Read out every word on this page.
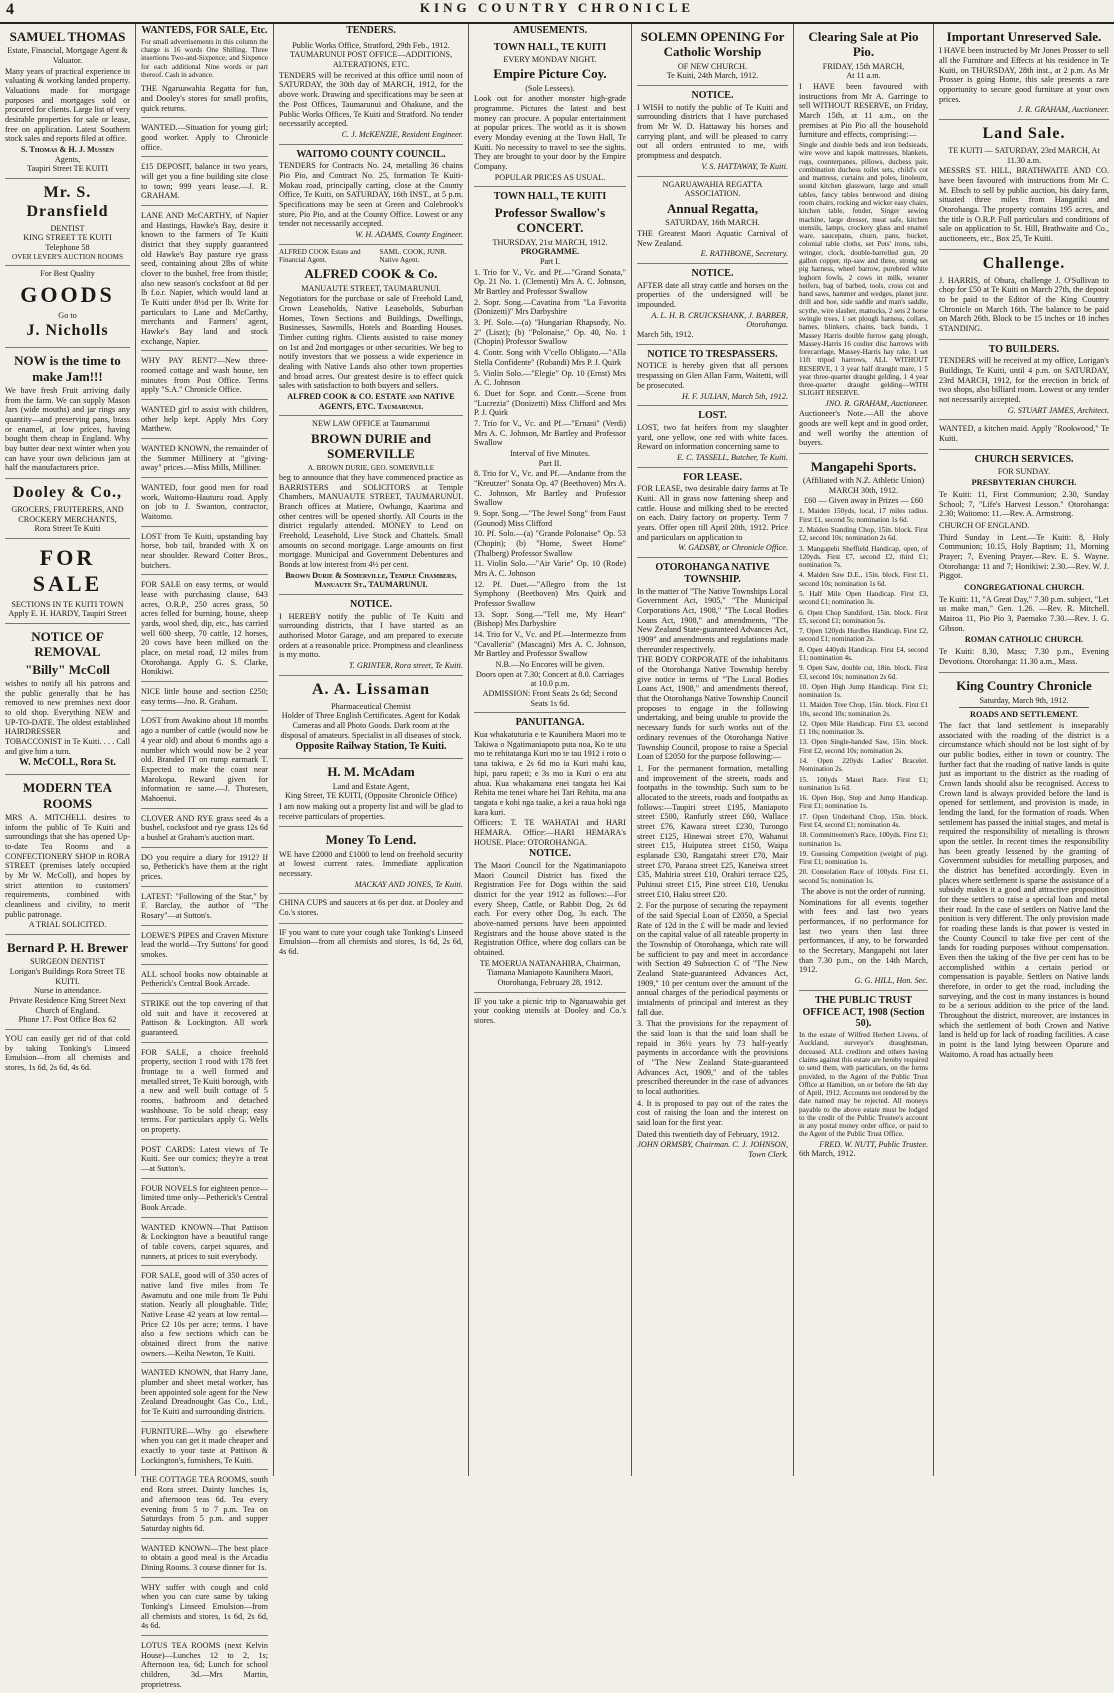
4	KING COUNTRY CHRONICLE
SAMUEL THOMAS
Estate, Financial, Mortgage Agent & Valuator.
Many years of practical experience in valuating & working landed property. Valuations made for mortgage purposes and mortgages sold or procured for clients. Large list of very desirable properties for sale or lease, free on application. Latest Southern stock sales and reports filed at office.
S. Thomas & H. J. Mussen
Agents,
Taupiri Street TE KUITI
Mr. S. Dransfield
DENTIST
KING STREET TE KUITI
Telephone 58
OVER LEVER'S AUCTION ROOMS
For Best Quality
GOODS
Go to
J. Nicholls
NOW is the time to make Jam!!!
We have fresh Fruit arriving daily from the farm. We can supply Mason Jars (wide mouths) and jar rings any quantity—and preserving pans, brass or enamel, at low prices, having bought them cheap in England. Why buy butter dear next winter when you can have your own delicious jam at half the manufacturers price.
Dooley & Co.,
GROCERS, FRUITERERS, AND CROCKERY MERCHANTS,
Rora Street Te Kuiti
FOR SALE
SECTIONS IN TE KUITI TOWN
Apply E. H. HARDY, Taupiri Street
NOTICE OF REMOVAL
"Billy" McColl
wishes to notify all his patrons and the public generally that he has removed to new premises next door to old shop. Everything NEW and UP-TO-DATE. The oldest established HAIRDRESSER and TOBACCONIST in Te Kuiti. . . . Call and give him a turn.
W. McCOLL, Rora St.
MODERN TEA ROOMS
MRS A. MITCHELL desires to inform the public of Te Kuiti and surroundings that she has opened Up-to-date Tea Rooms and a CONFECTIONERY SHOP in RORA STREET (premises lately occupied by Mr W. McColl), and hopes by strict attention to customers' requirements, combined with cleanliness and civility, to merit public patronage.
A TRIAL SOLICITED.
Bernard P. H. Brewer
SURGEON DENTIST
Lorigan's Buildings Rora Street TE KUITI.
Nurse in attendance.
Private Residence King Street Next Church of England.
Phone 17. Post Office Box 62
YOU can easily get rid of that cold by taking Tonking's Linseed Emulsion—from all chemists and stores, 1s 6d, 2s 6d, 4s 6d.
WANTEDS, FOR SALE, Etc.
For small advertisements in this column the charge is 16 words One Shilling. Three insertions Two-and-Sixpence; and Sixpence for each additional Nine words or part thereof. Cash in advance.
THE Ngaruawahia Regatta for fun, and Dooley's stores for small profits, quick returns.
WANTED.—Situation for young girl; good worker. Apply to Chronicle office.
£15 DEPOSIT, balance in two years, will get you a fine building site close to town; 999 years lease.—J. R. GRAHAM.
LANE AND McCARTHY, of Napier and Hastings, Hawke's Bay, desire it known to the farmers of Te Kuiti district that they supply guaranteed old Hawke's Bay pasture rye grass seed, containing about 2lbs of white clover to the bushel, free from thistle; also new season's cocksfoot at 8d per lb f.o.r. Napier, which would land at Te Kuiti under 8½d per lb. Write for particulars to Lane and McCarthy, merchants and Farmers' agent, Hawke's Bay land and stock exchange, Napier.
WHY PAY RENT?—New three-roomed cottage and wash house, ten minutes from Post Office. Terms apply "S.A." Chronicle Office.
WANTED girl to assist with children, other help kept. Apply Mrs Cory Matthew.
WANTED KNOWN, the remainder of the Summer Millinery at "giving-away" prices.—Miss Mills, Milliner.
WANTED, four good men for road work, Waitomo-Hauturu road. Apply on job to J. Swanton, contractor, Waitomo.
LOST from Te Kuiti, upstanding bay horse, bob tail, branded with X on near shoulder. Reward Cotter Bros., butchers.
FOR SALE on easy terms, or would lease with purchasing clause, 643 acres, O.R.P., 250 acres grass, 50 acres felled for burning, house, sheep yards, wool shed, dip, etc., has carried well 600 sheep, 70 cattle, 12 horses, 20 cows have been milked on the place, on metal road, 12 miles from Otorohanga. Apply G. S. Clarke, Honikiwi.
NICE little house and section £250; easy terms—Jno. R. Graham.
LOST from Awakino about 18 months ago a number of cattle (would now be 4 year old) and about 6 months ago a number which would now be 2 year old. Branded IT on rump earmark T. Expected to make the coast near Marokopa. Reward given for information re same.—J. Thoresen, Mahoenui.
CLOVER AND RYE grass seed 4s a bushel, cocksfoot and rye grass 12s 6d a bushel at Graham's auction mart.
DO you require a diary for 1912? If so, Petherick's have them at the right prices.
LATEST: "Following of the Star," by F. Barclay, the author of "The Rosary"—at Sutton's.
LOEWE'S PIPES and Craven Mixture lead the world—Try Suttons' for good smokes.
ALL school books now obtainable at Petherick's Central Book Arcade.
STRIKE out the top covering of that old suit and have it recovered at Pattison & Lockington. All work guaranteed.
FOR SALE, a choice freehold property, section 1 rood with 178 feet frontage to a well formed and metalled street, Te Kuiti borough, with a new and well built cottage of 5 rooms, bathroom and detached washhouse. To be sold cheap; easy terms. For particulars apply G. Wells on property.
POST CARDS: Latest views of Te Kuiti. See our comics; they're a treat—at Sutton's.
FOUR NOVELS for eighteen pence—limited time only—Petherick's Central Book Arcade.
WANTED KNOWN—That Pattison & Lockington have a beautiful range of table covers, carpet squares, and runners, at prices to suit everybody.
FOR SALE, good will of 350 acres of native land five miles from Te Awamutu and one mile from Te Puhi station. Nearly all ploughable. Title; Native Lease 42 years at low rental—Price £2 10s per acre; terms. I have also a few sections which can be obtained direct from the native owners.—Keiha Newton, Te Kuiti.
WANTED KNOWN, that Harry Jane, plumber and sheet metal worker, has been appointed sole agent for the New Zealand Dreadnought Gas Co., Ltd., for Te Kuiti and surrounding districts.
FURNITURE—Why go elsewhere when you can get it made cheaper and exactly to your taste at Pattison & Lockington's, furnishers, Te Kuiti.
THE COTTAGE TEA ROOMS, south end Rora street. Dainty lunches 1s, and afternoon teas 6d. Tea every evening from 5 to 7 p.m. Tea on Saturdays from 5 p.m. and supper Saturday nights 6d.
WANTED KNOWN—The best place to obtain a good meal is the Arcadia Dining Rooms. 3 course dinner for 1s.
WHY suffer with cough and cold when you can cure same by taking Tonking's Linseed Emulsion—from all chemists and stores, 1s 6d, 2s 6d, 4s 6d.
LOTUS TEA ROOMS (next Kelvin House)—Lunches 12 to 2, 1s; Afternoon tea, 6d; Lunch for school children, 3d.—Mrs Martin, proprietress.
TENDERS.
Public Works Office, Stratford, 29th Feb., 1912. TAUMARUNUI POST OFFICE—ADDITIONS, ALTERATIONS, ETC.
TENDERS will be received at this office until noon of SATURDAY, the 30th day of MARCH, 1912, for the above work. Drawing and specifications may be seen at the Post Offices, Taumarunui and Ohakune, and the Public Works Offices, Te Kuiti and Stratford. No tender necessarily accepted.
C. J. McKENZIE, Resident Engineer.
WAITOMO COUNTY COUNCIL.
TENDERS for Contracts No. 24, metalling 36 chains Pio Pio, and Contract No. 25, formation Te Kuiti-Mokau road, principally carting, close at the County Office, Te Kuiti, on SATURDAY, 16th INST., at 5 p.m. Specifications may be seen at Green and Colebrook's store, Pio Pio, and at the County Office. Lowest or any tender not necessarily accepted.
W. H. ADAMS, County Engineer.
ALFRED COOK Estate and Financial Agent.
SAML. COOK, JUNR. Native Agent.
ALFRED COOK & Co.
MANUAUTE STREET, TAUMARUNUI.
Negotiators for the purchase or sale of Freehold Land, Crown Leaseholds, Native Leaseholds, Suburban Homes, Town Sections and Buildings, Dwellings, Businesses, Sawmills, Hotels and Boarding Houses. Timber cutting rights. Clients assisted to raise money on 1st and 2nd mortgages or other securities. We beg to notify investors that we possess a wide experience in dealing with Native Lands also other town properties and broad acres. Our greatest desire is to effect quick sales with satisfaction to both buyers and sellers.
ALFRED COOK & CO. ESTATE and NATIVE AGENTS, ETC. Taumarunui.
NEW LAW OFFICE at Taumarunui
BROWN DURIE and SOMERVILLE
A. BROWN DURIE, GEO. SOMERVILLE
beg to announce that they have commenced practice as BARRISTERS and SOLICITORS at Temple Chambers, MANUAUTE STREET, TAUMARUNUI. Branch offices at Matiere, Owhango, Kaarima and other centres will be opened shortly. All Courts in the district regularly attended. MONEY to Lend on Freehold, Leasehold, Live Stock and Chattels. Small amounts on second mortgage. Large amounts on first mortgage. Municipal and Government Debentures and Bonds at low interest from 4½ per cent.
Brown Durie & Somerville, Temple Chambers, Manuaute St., TAUMARUNUI.
NOTICE.
I HEREBY notify the public of Te Kuiti and surrounding districts, that I have started as an authorised Motor Garage, and am prepared to execute orders at a reasonable price. Promptness and cleanliness is my motto.
T. GRINTER, Rora street, Te Kuiti.
A. A. Lissaman
Pharmaceutical Chemist
Holder of Three English Certificates. Agent for Kodak Cameras and all Photo Goods. Dark room at the disposal of amateurs. Specialist in all diseases of stock.
Opposite Railway Station, Te Kuiti.
H. M. McAdam
Land and Estate Agent,
King Street, TE KUITI, (Opposite Chronicle Office)
I am now making out a property list and will be glad to receive particulars of properties.
Money To Lend.
WE have £2000 and £1000 to lend on freehold security at lowest current rates. Immediate application necessary.
MACKAY AND JONES, Te Kuiti.
CHINA CUPS and saucers at 6s per doz. at Dooley and Co.'s stores.
IF you want to cure your cough take Tonking's Linseed Emulsion—from all chemists and stores, 1s 6d, 2s 6d, 4s 6d.
AMUSEMENTS.
TOWN HALL, TE KUITI
EVERY MONDAY NIGHT.
Empire Picture Coy.
(Sole Lessees).
Look out for another monster high-grade programme. Pictures the latest and best money can procure. A popular entertainment at popular prices. The world as it is shown every Monday evening at the Town Hall, Te Kuiti. No necessity to travel to see the sights. They are brought to your door by the Empire Company.
POPULAR PRICES AS USUAL.
TOWN HALL, TE KUITI
Professor Swallow's CONCERT.
THURSDAY, 21st MARCH, 1912.
PROGRAMME.
Part I.
1. Trio for V., Vc. and Pf.—"Grand Sonata," Op. 21 No. 1. (Clementi) Mrs A. C. Johnson, Mr Bartley and Professor Swallow
2. Sopr. Song.—Cavatina from "La Favorita (Donizetti)" Mrs Darbyshire
3. Pf. Solo.—(a) "Hungarian Rhapsody, No. 2" (Liszt); (b) "Polonaise," Op. 40, No. 1 (Chopin) Professor Swallow
4. Contr. Song with V'cello Obligato.—"Alla Stella Confidente" (Robandi) Mrs P. J. Quirk
5. Violin Solo.—"Elegie" Op. 10 (Ernst) Mrs A. C. Johnson
6. Duet for Sopr. and Contr.—Scene from "Lucrezia" (Donizetti) Miss Clifford and Mrs P. J. Quirk
7. Trio for V., Vc. and Pf.—"Ernani" (Verdi) Mrs A. C. Johnson, Mr Bartley and Professor Swallow
Interval of five Minutes.
Part II.
8. Trio for V., Vc. and Pf.—Andante from the "Kreutzer" Sonata Op. 47 (Beethoven) Mrs A. C. Johnson, Mr Bartley and Professor Swallow
9. Sopr. Song.—"The Jewel Song" from Faust (Gounod) Miss Clifford
10. Pf. Solo.—(a) "Grande Polonaise" Op. 53 (Chopin); (b) "Home, Sweet Home" (Thalberg) Professor Swallow
11. Violin Solo.—"Air Varie" Op. 10 (Rode) Mrs A. C. Johnson
12. Pf. Duet.—"Allegro from the 1st Symphony (Beethoven) Mrs Quirk and Professor Swallow
13. Sopr. Song.—"Tell me, My Heart" (Bishop) Mrs Darbyshire
14. Trio for V., Vc. and Pf.—Intermezzo from "Cavalleria" (Mascagni) Mrs A. C. Johnson, Mr Bartley and Professor Swallow
N.B.—No Encores will be given.
Doors open at 7.30; Concert at 8.0. Carriages at 10.0 p.m.
ADMISSION: Front Seats 2s 6d; Second Seats 1s 6d.
PANUITANGA.
Kua whakatuturia e te Kaunihera Maori mo te Takiwa o Ngatimaniapoto puta noa, Ko te utu mo te rehitatanga Kuri mo te tau 1912 i roto o tana takiwa, e 2s 6d mo ia Kuri mahi kau, hipi, paru rapeti; e 3s mo ia Kuri o era atu ahua. Kua whakamana enei tangata hei Kai Rehita me tenei whare hei Tari Rehita, ma ana tangata e kohi nga taake, a kei a raua hoki nga kara kuri.
Officers: T. TE WAHATAI and HARI HEMARA. Office:—HARI HEMARA's HOUSE. Place: OTOROHANGA.
NOTICE.
The Maori Council for the Ngatimaniapoto Maori Council District has fixed the Registration Fee for Dogs within the said district for the year 1912 as follows:—For every Sheep, Cattle, or Rabbit Dog, 2s 6d each. For every other Dog, 3s each. The above-named persons have been appointed Registrars and the house above stated is the Registration Office, where dog collars can be obtained.
TE MOERUA NATANAHIRA, Chairman, Tiamana Maniapoto Kaunihera Maori, Otorohanga, February 28, 1912.
IF you take a picnic trip to Ngaruawahia get your cooking utensils at Dooley and Co.'s stores.
SOLEMN OPENING For Catholic Worship
OF NEW CHURCH.
Te Kuiti, 24th March, 1912.
NOTICE.
I WISH to notify the public of Te Kuiti and surrounding districts that I have purchased from Mr W. D. Hattaway his horses and carrying plant, and will be pleased to carry out all orders entrusted to me, with promptness and despatch.
V. S. HATTAWAY, Te Kuiti.
NGARUAWAHIA REGATTA ASSOCIATION.
Annual Regatta,
SATURDAY, 16th MARCH.
THE Greatest Maori Aquatic Carnival of New Zealand.
E. RATHBONE, Secretary.
NOTICE.
AFTER date all stray cattle and horses on the properties of the undersigned will be impounded.
A. L. H. B. CRUICKSHANK, J. BARBER, Otorohanga.
March 5th, 1912.
NOTICE TO TRESPASSERS.
NOTICE is hereby given that all persons trespassing on Glen Allan Farm, Waitetti, will be prosecuted.
H. F. JULIAN, March 5th, 1912.
LOST.
LOST, two fat heifers from my slaughter yard, one yellow, one red with white faces. Reward on information concerning same to
E. C. TASSELL, Butcher, Te Kuiti.
FOR LEASE.
FOR LEASE, two desirable dairy farms at Te Kuiti. All in grass now fattening sheep and cattle. House and milking shed to be erected on each. Dairy factory on property. Term 7 years. Offer open till April 20th, 1912. Price and particulars on application to
W. GADSBY, or Chronicle Office.
OTOROHANGA NATIVE TOWNSHIP.
In the matter of "The Native Townships Local Government Act, 1905," "The Municipal Corporations Act, 1908," "The Local Bodies Loans Act, 1908," and amendments, "The New Zealand State-guaranteed Advances Act, 1909" and amendments and regulations made thereunder respectively.
THE BODY CORPORATE of the inhabitants of the Otorohanga Native Township hereby give notice in terms of "The Local Bodies Loans Act, 1908," and amendments thereof, that the Otorohanga Native Township Council proposes to engage in the following undertaking, and being unable to provide the necessary funds for such works out of the ordinary revenues of the Otorohanga Native Township Council, propose to raise a Special Loan of £2050 for the purpose following:—
1. For the permanent formation, metalling and improvement of the streets, roads and footpaths in the township. Such sum to be allocated to the streets, roads and footpaths as follows:—Taupiri street £195, Maniapoto street £500, Ranfurly street £60, Wallace street £76, Kawara street £230, Turongo street £125, Hinewai street £70, Wahanui street £15, Huiputea street £150, Waipa esplanade £30, Rangatahi street £70, Mair street £70, Paraoa street £25, Kaneiwa street £35, Mahiria street £10, Orahiri terrace £25, Puhinui street £15, Pine street £10, Uenuku street £10, Haku street £20.
2. For the purpose of securing the repayment of the said Special Loan of £2050, a Special Rate of 12d in the £ will be made and levied on the capital value of all rateable property in the Township of Otorohanga, which rate will be sufficient to pay and meet in accordance with Section 49 Subsection C of "The New Zealand State-guaranteed Advances Act, 1909," 10 per centum over the amount of the annual charges of the periodical payments or instalments of principal and interest as they fall due.
3. That the provisions for the repayment of the said loan is that the said loan shall be repaid in 36½ years by 73 half-yearly payments in accordance with the provisions of "The New Zealand State-guaranteed Advances Act, 1909," and of the tables prescribed thereunder in the case of advances to local authorities.
4. It is proposed to pay out of the rates the cost of raising the loan and the interest on said loan for the first year.
Dated this twentieth day of February, 1912.
JOHN ORMSBY, Chairman. C. J. JOHNSON, Town Clerk.
Clearing Sale at Pio Pio.
FRIDAY, 15th MARCH,
At 11 a.m.
I HAVE been favoured with instructions from Mr A. Garringe to sell WITHOUT RESERVE, on Friday, March 15th, at 11 a.m., on the premises at Pio Pio all the household furniture and effects, comprising:—
Single and double beds and iron bedsteads, wire wove and kapok mattresses, blankets, rugs, counterpanes, pillows, duchess pair, combination duchess toilet sets, child's cot and mattress, curtains and poles, linoleum, sound kitchen glassware, large and small tables, fancy tables bentwood and dining room chairs, rocking and wicker easy chairs, kitchen table, fender, Singer sewing machine, large dresser, meat safe, kitchen utensils, lamps, crockery glass and enamel ware, saucepans, churn, pans, bucket, colonial table cloths, set Pots' irons, tubs, wringer, clock, double-barrelled gun, 20 gallon copper, rip-saw and three, strong set pig harness, wheel barrow, purebred white leghorn fowls, 2 cows in milk, weaner heifers, bag of barbed, tools, cross cut and hand saws, hammer and wedges, planet junr. drill and hoe, side saddle and man's saddle, scythe, wire slasher, mattocks, 2 sets 2 horse swingle trees, 1 set plough harness, collars, hames, blinkers, chains, back bands, 1 Massey Harris double furrow gang plough, Massey-Harris 16 coulter disc harrows with forecarriage, Massey-Harris hay rake, 1 set 11ft tripod harrows, ALL WITHOUT RESERVE, 1 3 year half draught mare, 1 5 year three-quarter draught gelding, 1 4 year three-quarter draught gelding—WITH SLIGHT RESERVE.
JNO. R. GRAHAM, Auctioneer.
Auctioneer's Note.—All the above goods are well kept and in good order, and well worthy the attention of buyers.
Mangapehi Sports.
(Affiliated with N.Z. Athletic Union)
MARCH 30th, 1912.
£60 — Given away in Prizes — £60
1. Maiden 150yds, local, 17 miles radius. First £1, second 5s; nomination 1s 6d.
2. Maiden Standing Chop, 15in. block. First £2, second 10s; nomination 2s 6d.
3. Mangapehi Sheffield Handicap, open, of 120yds. First £7, second £2, third £1; nomination 7s.
4. Maiden Saw D.E., 15in. block. First £1, second 10s; nomination 1s 6d.
5. Half Mile Open Handicap. First £3, second £1; nomination 3s.
6. Open Chop Sandiford, 15in. block. First £5, second £1; nomination 5s.
7. Open 120yds Hurdles Handicap. First £2, second £1; nomination 2s.
8. Open 440yds Handicap. First £4, second £1; nomination 4s.
9. Open Saw, double cut, 18in. block. First £3, second 10s; nomination 2s 6d.
10. Open High Jump Handicap. First £1; nomination 1s.
11. Maiden Tree Chop, 15in. block. First £1 10s, second 10s; nomination 2s.
12. Open Mile Handicap. First £3, second £1 10s; nomination 3s.
13. Open Single-handed Saw, 15in. block. First £2, second 10s; nomination 2s.
14. Open 220yds Ladies' Bracelet. Nomination 2s.
15. 100yds Maori Race. First £1; nomination 1s 6d.
16. Open Hop, Step and Jump Handicap. First £1; nomination 1s.
17. Open Underhand Chop, 15in. block. First £4, second £1; nomination 4s.
18. Committeemen's Race, 100yds. First £1; nomination 1s.
19. Guessing Competition (weight of pig). First £1; nomination 1s.
20. Consolation Race of 100yds. First £1, second 5s; nomination 1s.
The above is not the order of running.
Nominations for all events together with fees and last two years performances, if no performance for last two years then last three performances, if any, to be forwarded to the Secretary, Mangapehi not later than 7.30 p.m., on the 14th March, 1912.
G. G. HILL, Hon. Sec.
THE PUBLIC TRUST OFFICE ACT, 1908 (Section 50).
In the estate of Wilfred Herbert Livens, of Auckland, surveyor's draughtsman, deceased. ALL creditors and others having claims against this estate are hereby required to send them, with particulars, on the forms provided, to the Agent of the Public Trust Office at Hamilton, on or before the 6th day of April, 1912. Accounts not rendered by the date named may be rejected. All moneys payable to the above estate must be lodged to the credit of the Public Trustee's account in any postal money order office, or paid to the Agent of the Public Trust Office.
FRED. W. NUTT, Public Trustee.
6th March, 1912.
Important Unreserved Sale.
I HAVE been instructed by Mr Jones Prosser to sell all the Furniture and Effects at his residence in Te Kuiti, on THURSDAY, 28th inst., at 2 p.m. As Mr Prosser is going Home, this sale presents a rare opportunity to secure good furniture at your own prices.
J. R. GRAHAM, Auctioneer.
Land Sale.
TE KUITI — SATURDAY, 23rd MARCH, At 11.30 a.m.
MESSRS ST. HILL, BRATHWAITE AND CO. have been favoured with instructions from Mr C. M. Ebsch to sell by public auction, his dairy farm, situated three miles from Hangatiki and Otorohanga. The property contains 195 acres, and the title is O.R.P. Full particulars and conditions of sale on application to St. Hill, Brathwaite and Co., auctioneers, etc., Box 25, Te Kuiti.
Challenge.
J. HARRIS, of Ohura, challenge J. O'Sullivan to chop for £50 at Te Kuiti on March 27th, the deposit to be paid to the Editor of the King Country Chronicle on March 16th. The balance to be paid on March 26th. Block to be 15 inches or 18 inches STANDING.
TO BUILDERS.
TENDERS will be received at my office, Lorigan's Buildings, Te Kuiti, until 4 p.m. on SATURDAY, 23rd MARCH, 1912, for the erection in brick of two shops, also billiard room. Lowest or any tender not necessarily accepted.
G. STUART JAMES, Architect.
WANTED, a kitchen maid. Apply "Rookwood," Te Kuiti.
CHURCH SERVICES.
FOR SUNDAY.
PRESBYTERIAN CHURCH.
Te Kuiti: 11, First Communion; 2.30, Sunday School; 7, "Life's Harvest Lesson." Otorohanga: 2.30; Waitomo: 11.—Rev. A. Armstrong.
CHURCH OF ENGLAND.
Third Sunday in Lent.—Te Kuiti: 8, Holy Communion; 10.15, Holy Baptism; 11, Morning Prayer; 7, Evening Prayer.—Rev. E. S. Wayne. Otorohanga: 11 and 7; Honikiwi: 2.30.—Rev. W. J. Piggot.
CONGREGATIONAL CHURCH.
Te Kuiti: 11, "A Great Day," 7.30 p.m. subject, "Let us make man," Gen. 1.26. —Rev. R. Mitchell. Mairoa 11, Pio Pio 3, Paemako 7.30.—Rev. J. G. Gibson.
ROMAN CATHOLIC CHURCH.
Te Kuiti: 8.30, Mass; 7.30 p.m., Evening Devotions. Otorohanga: 11.30 a.m., Mass.
King Country Chronicle
Saturday, March 9th, 1912.
ROADS AND SETTLEMENT.
The fact that land settlement is inseparably associated with the roading of the district is a circumstance which should not be lost sight of by our public bodies, either in town or country. The further fact that the roading of native lands is quite just as important to the district as the roading of Crown lands should also be recognised. Access to Crown land is always provided before the land is opened for settlement, and provision is made, in lending the land, for the formation of roads. When settlement has passed the initial stages, and metal is required the responsibility of metalling is thrown upon the settler. In recent times the responsibility has been greatly lessened by the granting of Government subsidies for metalling purposes, and the district has benefited accordingly. Even in places where settlement is sparse the assistance of a subsidy makes it a good and attractive proposition for these settlers to raise a special loan and metal their road. In the case of settlers on Native land the position is very different. The only provision made for roading these lands is that power is vested in the County Council to take five per cent of the lands for roading purposes without compensation. Even then the taking of the five per cent has to be accomplished within a certain period or compensation is payable. Settlers on Native lands therefore, in order to get the road, including the surveying, and the cost in many instances is bound to be a serious addition to the price of the land. Throughout the district, moreover, are instances in which the settlement of both Crown and Native land is held up for lack of roading facilities. A case in point is the land lying between Oparure and Waitomo. A road has actually been
